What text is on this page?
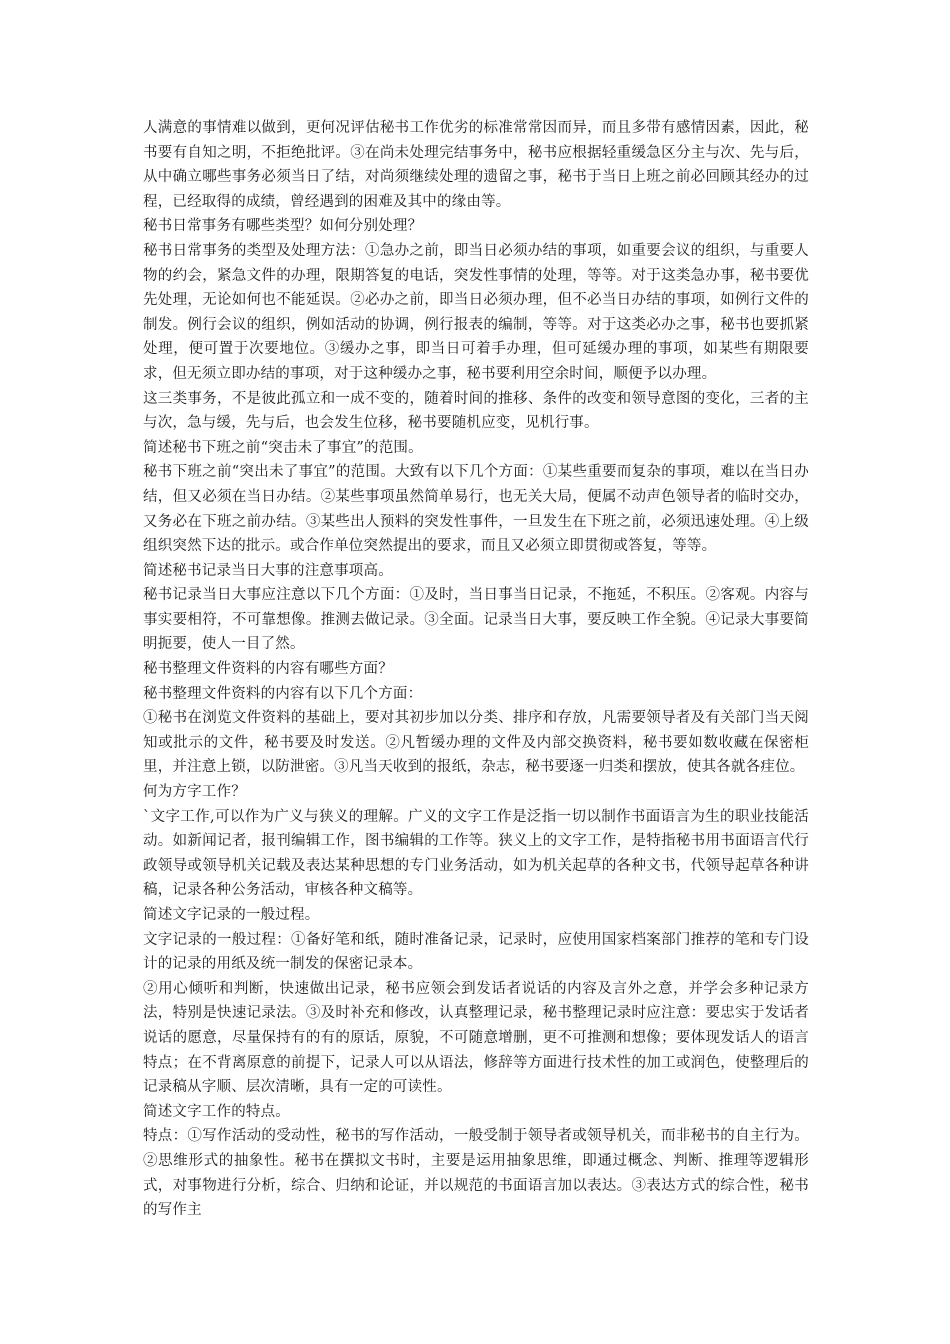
人满意的事情难以做到，更何况评估秘书工作优劣的标准常常因而异，而且多带有感情因素，因此，秘书要有自知之明，不拒绝批评。③在尚未处理完结事务中，秘书应根据轻重缓急区分主与次、先与后，从中确立哪些事务必须当日了结，对尚须继续处理的遗留之事，秘书于当日上班之前必回顾其经办的过程，已经取得的成绩，曾经遇到的困难及其中的缘由等。

秘书日常事务有哪些类型？如何分别处理？

秘书日常事务的类型及处理方法：①急办之前，即当日必须办结的事项，如重要会议的组织，与重要人物的约会，紧急文件的办理，限期答复的电话，突发性事情的处理，等等。对于这类急办事，秘书要优先处理，无论如何也不能延误。②必办之前，即当日必须办理，但不必当日办结的事项，如例行文件的制发。例行会议的组织，例如活动的协调，例行报表的编制，等等。对于这类必办之事，秘书也要抓紧处理，便可置于次要地位。③缓办之事，即当日可着手办理，但可延缓办理的事项，如某些有期限要求，但无须立即办结的事项，对于这种缓办之事，秘书要利用空余时间，顺便予以办理。

这三类事务，不是彼此孤立和一成不变的，随着时间的推移、条件的改变和领导意图的变化，三者的主与次，急与缓，先与后，也会发生位移，秘书要随机应变，见机行事。

简述秘书下班之前“突击未了事宜”的范围。

秘书下班之前“突出未了事宜”的范围。大致有以下几个方面：①某些重要而复杂的事项，难以在当日办结，但又必须在当日办结。②某些事项虽然简单易行，也无关大局，便属不动声色领导者的临时交办，又务必在下班之前办结。③某些出人预料的突发性事件，一旦发生在下班之前，必须迅速处理。④上级组织突然下达的批示。或合作单位突然提出的要求，而且又必须立即贯彻或答复，等等。

简述秘书记录当日大事的注意事项高。

秘书记录当日大事应注意以下几个方面：①及时，当日事当日记录，不拖延，不积压。②客观。内容与事实要相符，不可靠想像。推测去做记录。③全面。记录当日大事，要反映工作全貌。④记录大事要简明扼要，使人一目了然。

秘书整理文件资料的内容有哪些方面？

秘书整理文件资料的内容有以下几个方面：

①秘书在浏览文件资料的基础上，要对其初步加以分类、排序和存放，凡需要领导者及有关部门当天阅知或批示的文件，秘书要及时发送。②凡暂缓办理的文件及内部交换资料，秘书要如数收藏在保密柜里，并注意上锁，以防泄密。③凡当天收到的报纸，杂志，秘书要逐一归类和摆放，使其各就各疰位。

何为方字工作？

`文字工作,可以作为广义与狭义的理解。广义的文字工作是泛指一切以制作书面语言为生的职业技能活动。如新闻记者，报刊编辑工作，图书编辑的工作等。狭义上的文字工作，是特指秘书用书面语言代行政领导或领导机关记载及表达某种思想的专门业务活动，如为机关起草的各种文书，代领导起草各种讲稿，记录各种公务活动，审核各种文稿等。

简述文字记录的一般过程。

文字记录的一般过程：①备好笔和纸，随时准备记录，记录时，应使用国家档案部门推荐的笔和专门设计的记录的用纸及统一制发的保密记录本。

②用心倾听和判断，快速做出记录，秘书应领会到发话者说话的内容及言外之意，并学会多种记录方法，特别是快速记录法。③及时补充和修改，认真整理记录，秘书整理记录时应注意：要忠实于发话者说话的愿意，尽量保持有的有的原话，原貌，不可随意增删，更不可推测和想像；要体现发话人的语言特点；在不背离原意的前提下，记录人可以从语法，修辞等方面进行技术性的加工或润色，使整理后的记录稿从字顺、层次清晰，具有一定的可读性。

简述文字工作的特点。

特点：①写作活动的受动性，秘书的写作活动，一般受制于领导者或领导机关，而非秘书的自主行为。②思维形式的抽象性。秘书在撰拟文书时，主要是运用抽象思维，即通过概念、判断、推理等逻辑形式，对事物进行分析，综合、归纳和论证，并以规范的书面语言加以表达。③表达方式的综合性，秘书的写作主
